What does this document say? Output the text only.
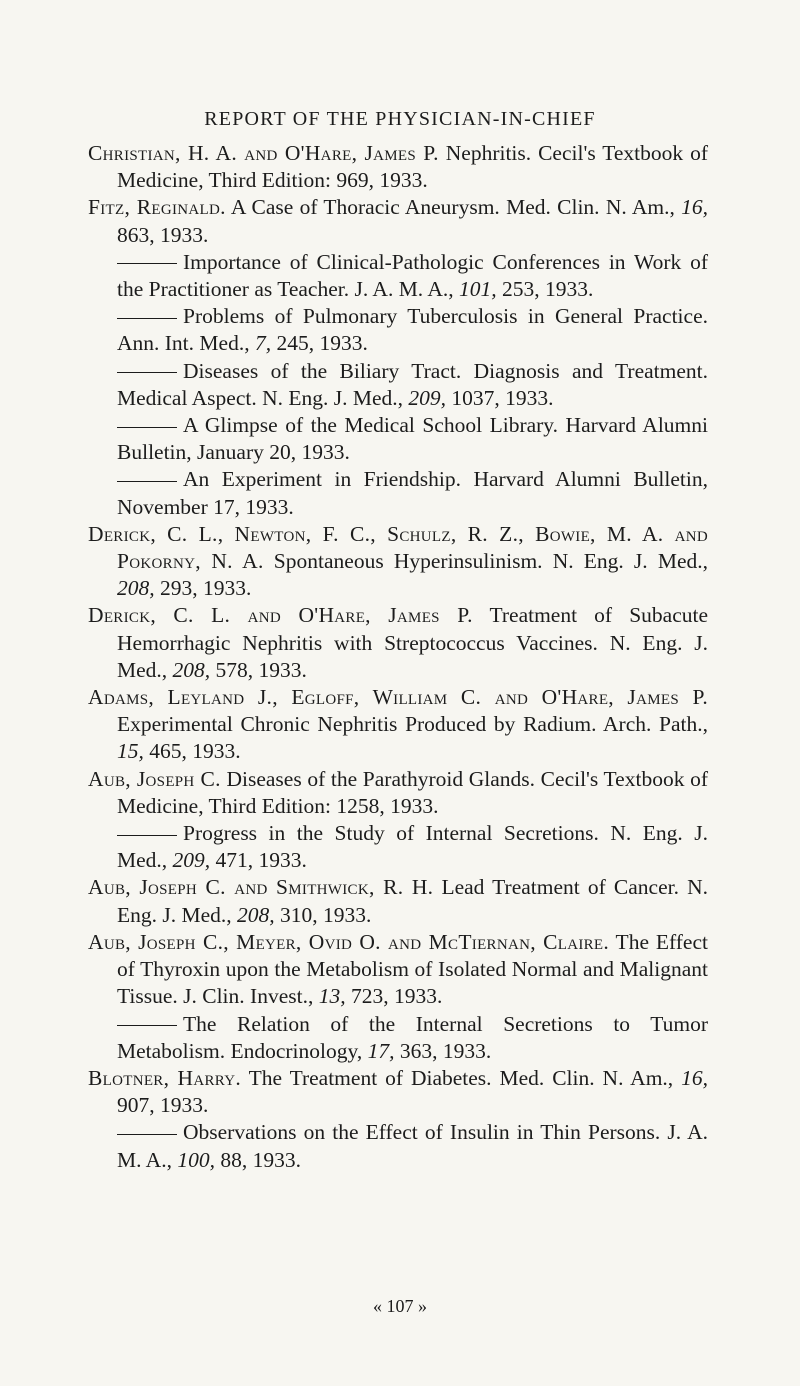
REPORT OF THE PHYSICIAN-IN-CHIEF
Christian, H. A. and O'Hare, James P. Nephritis. Cecil's Textbook of Medicine, Third Edition: 969, 1933.
Fitz, Reginald. A Case of Thoracic Aneurysm. Med. Clin. N. Am., 16, 863, 1933.
Importance of Clinical-Pathologic Conferences in Work of the Practitioner as Teacher. J. A. M. A., 101, 253, 1933.
Problems of Pulmonary Tuberculosis in General Practice. Ann. Int. Med., 7, 245, 1933.
Diseases of the Biliary Tract. Diagnosis and Treatment. Medical Aspect. N. Eng. J. Med., 209, 1037, 1933.
A Glimpse of the Medical School Library. Harvard Alumni Bulletin, January 20, 1933.
An Experiment in Friendship. Harvard Alumni Bulletin, November 17, 1933.
Derick, C. L., Newton, F. C., Schulz, R. Z., Bowie, M. A. and Pokorny, N. A. Spontaneous Hyperinsulinism. N. Eng. J. Med., 208, 293, 1933.
Derick, C. L. and O'Hare, James P. Treatment of Subacute Hemorrhagic Nephritis with Streptococcus Vaccines. N. Eng. J. Med., 208, 578, 1933.
Adams, Leyland J., Egloff, William C. and O'Hare, James P. Experimental Chronic Nephritis Produced by Radium. Arch. Path., 15, 465, 1933.
Aub, Joseph C. Diseases of the Parathyroid Glands. Cecil's Textbook of Medicine, Third Edition: 1258, 1933.
Progress in the Study of Internal Secretions. N. Eng. J. Med., 209, 471, 1933.
Aub, Joseph C. and Smithwick, R. H. Lead Treatment of Cancer. N. Eng. J. Med., 208, 310, 1933.
Aub, Joseph C., Meyer, Ovid O. and McTiernan, Claire. The Effect of Thyroxin upon the Metabolism of Isolated Normal and Malignant Tissue. J. Clin. Invest., 13, 723, 1933.
The Relation of the Internal Secretions to Tumor Metabolism. Endocrinology, 17, 363, 1933.
Blotner, Harry. The Treatment of Diabetes. Med. Clin. N. Am., 16, 907, 1933.
Observations on the Effect of Insulin in Thin Persons. J. A. M. A., 100, 88, 1933.
« 107 »
